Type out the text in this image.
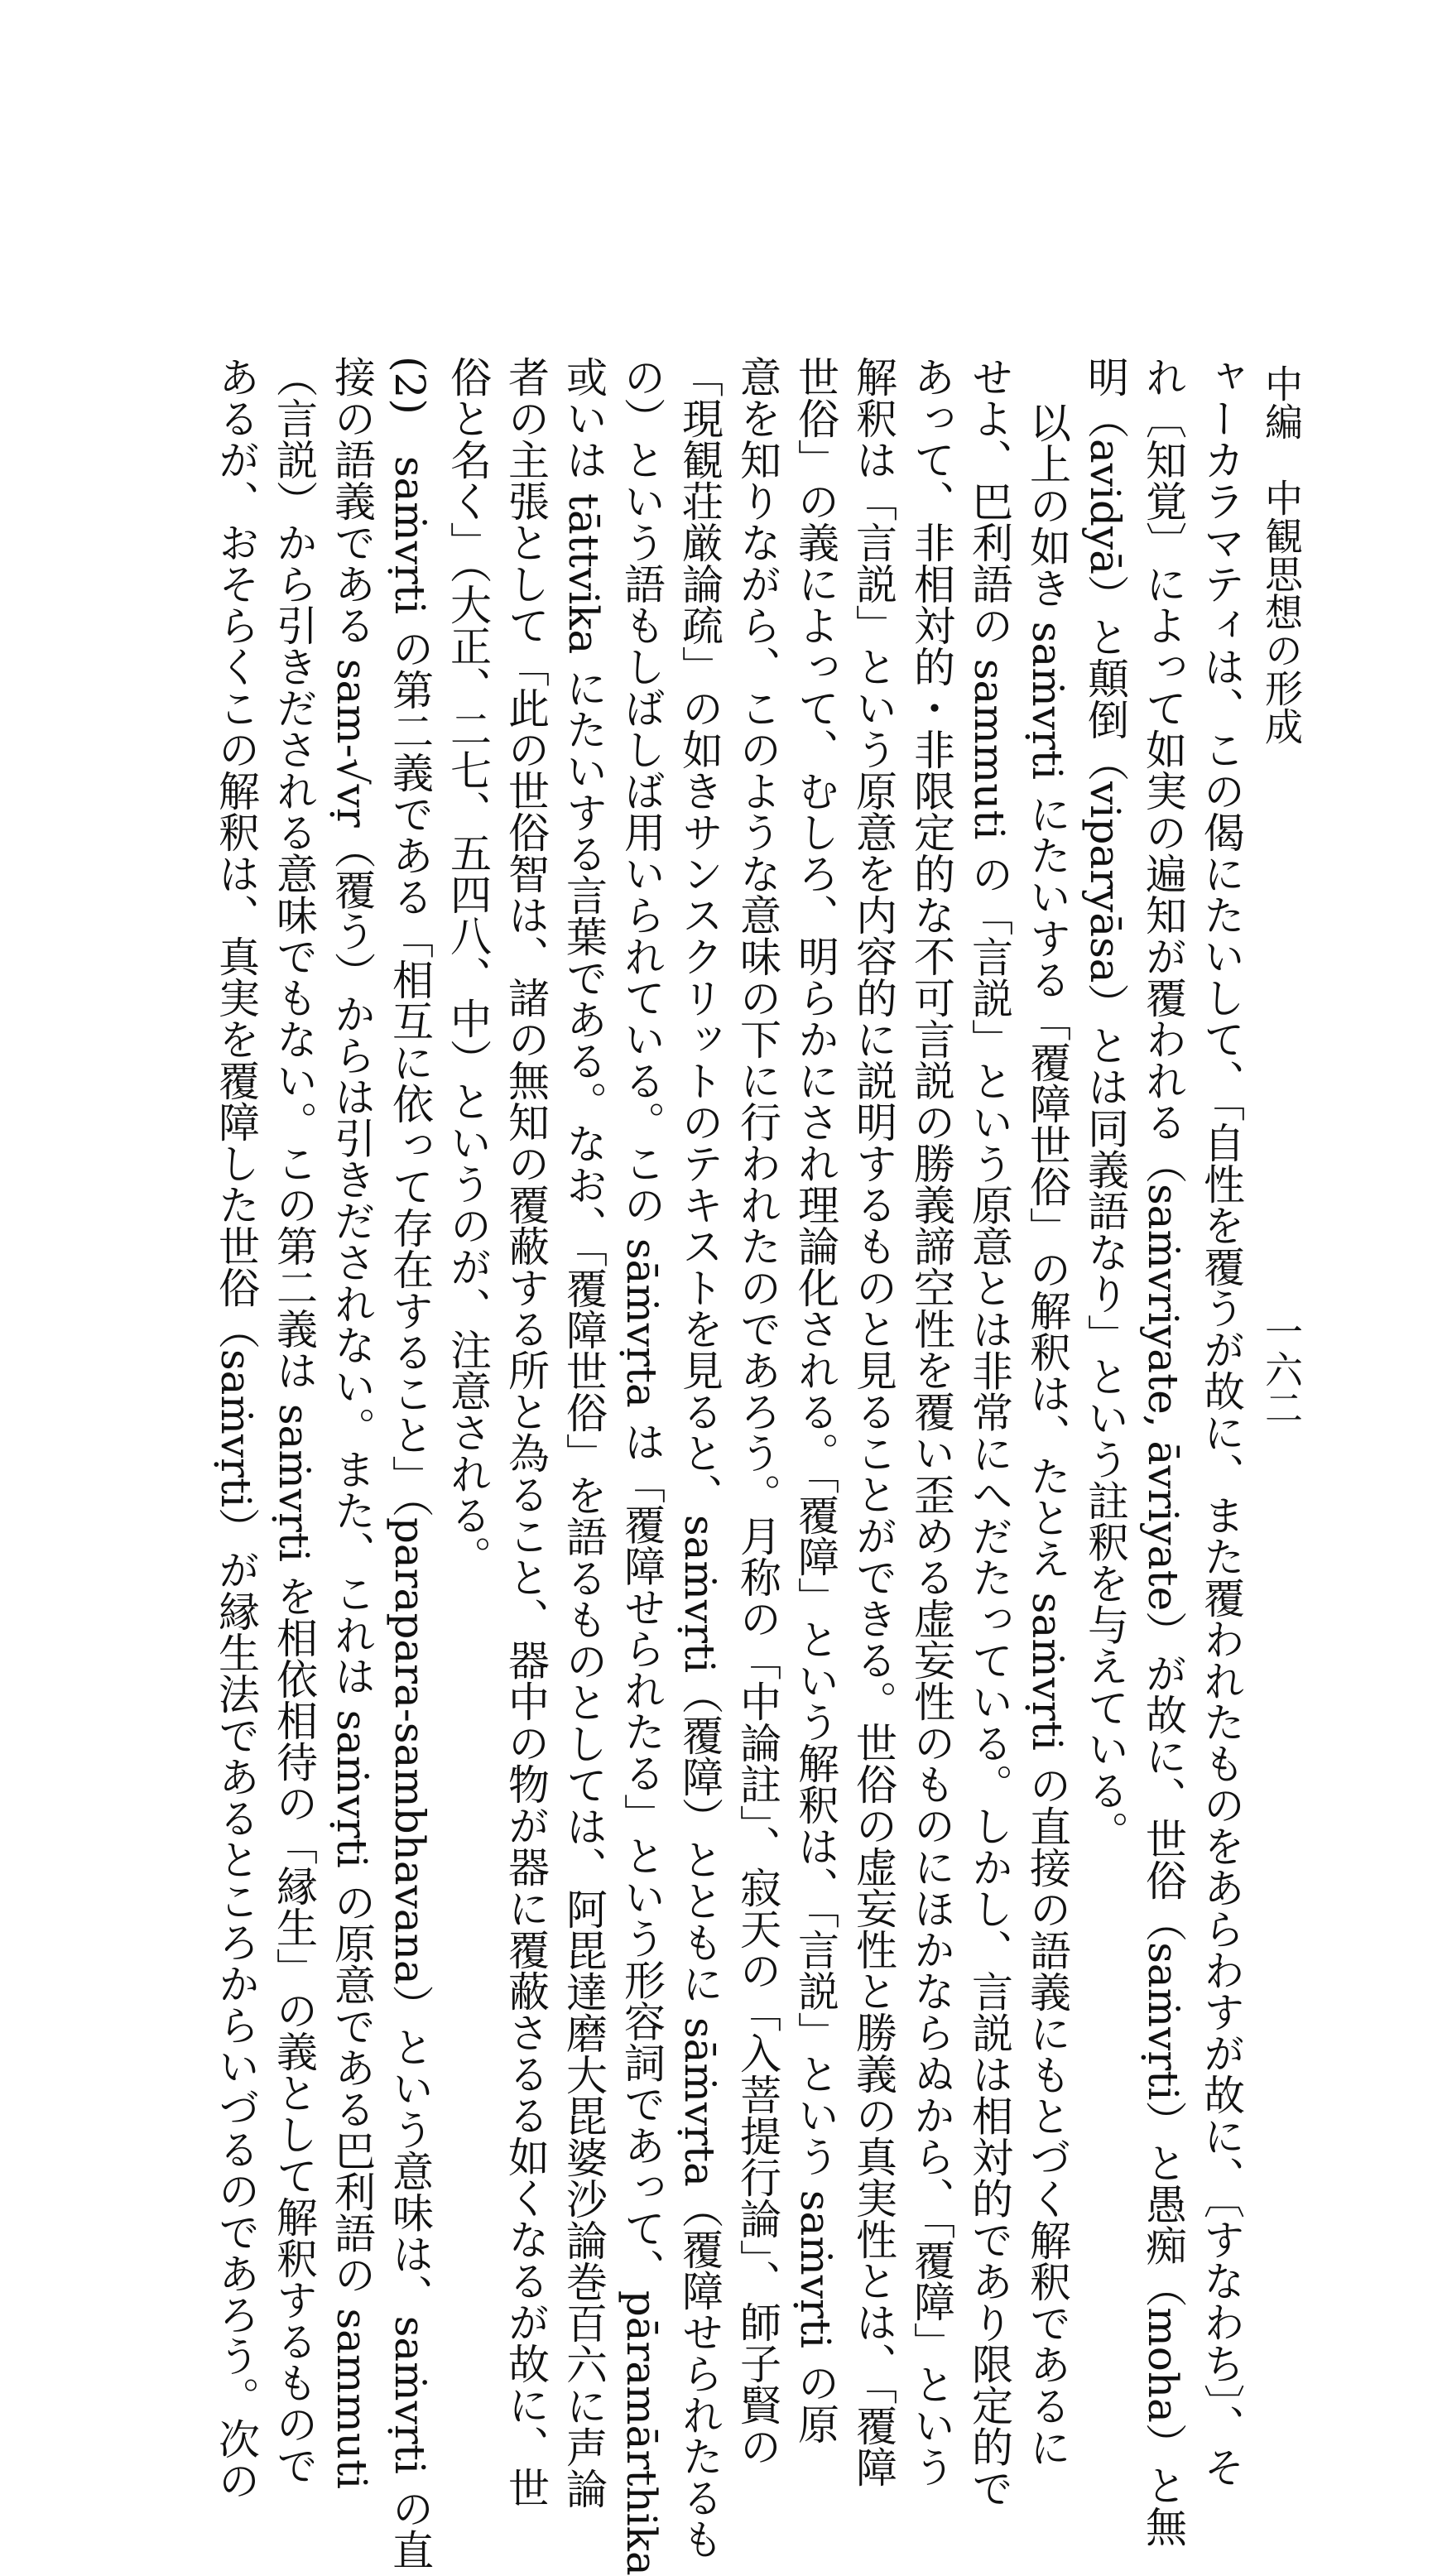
中編　中観思想の形成
一六二
ャーカラマティは、この偈にたいして、「自性を覆うが故に、また覆われたものをあらわすが故に、〔すなわち〕、そ
れ〔知覚〕によって如実の遍知が覆われる（saṁvriyate, āvriyate）が故に、世俗（saṁvṛti）と愚痴（moha）と無
明（avidyā）と顛倒（viparyāsa）とは同義語なり」という註釈を与えている。
以上の如き saṁvṛti にたいする「覆障世俗」の解釈は、たとえ saṁvṛti の直接の語義にもとづく解釈であるに
せよ、巴利語の sammuti の「言説」という原意とは非常にへだたっている。しかし、言説は相対的であり限定的で
あって、非相対的・非限定的な不可言説の勝義諦空性を覆い歪める虚妄性のものにほかならぬから、「覆障」という
解釈は「言説」という原意を内容的に説明するものと見ることができる。世俗の虚妄性と勝義の真実性とは、「覆障
世俗」の義によって、むしろ、明らかにされ理論化される。「覆障」という解釈は、「言説」という saṁvṛti の原
意を知りながら、このような意味の下に行われたのであろう。月称の「中論註」、寂天の「入菩提行論」、師子賢の
「現観荘厳論疏」の如きサンスクリットのテキストを見ると、saṁvṛti（覆障）とともに sāṁvṛta（覆障せられたるも
の）という語もしばしば用いられている。この sāṁvṛta は「覆障せられたる」という形容詞であって、pāramārthika
或いは tāttvika にたいする言葉である。なお、「覆障世俗」を語るものとしては、阿毘達磨大毘婆沙論巻百六に声論
者の主張として「此の世俗智は、諸の無知の覆蔽する所と為ること、器中の物が器に覆蔽さるる如くなるが故に、世
俗と名く」（大正、二七、五四八、中）というのが、注意される。
(2)　saṁvṛti の第二義である「相互に依って存在すること」（parapara-sambhavana）という意味は、saṁvṛti の直
接の語義である sam-√vṛ（覆う）からは引きだされない。また、これは saṁvṛti の原意である巴利語の sammuti
（言説）から引きだされる意味でもない。この第二義は saṁvṛti を相依相待の「縁生」の義として解釈するもので
あるが、おそらくこの解釈は、真実を覆障した世俗（saṁvṛti）が縁生法であるところからいづるのであろう。次の
